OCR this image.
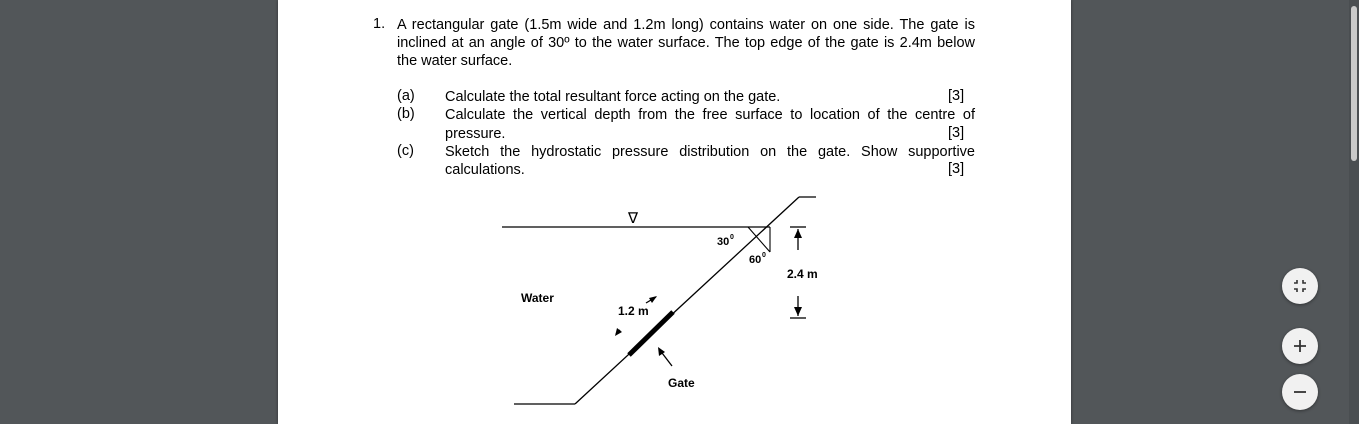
1. A rectangular gate (1.5m wide and 1.2m long) contains water on one side. The gate is inclined at an angle of 30º to the water surface. The top edge of the gate is 2.4m below the water surface.
(a) Calculate the total resultant force acting on the gate.	[3]
(b) Calculate the vertical depth from the free surface to location of the centre of
pressure.	[3]
(c) Sketch the hydrostatic pressure distribution on the gate. Show supportive
calculations.	[3]
∇
30 0
60 0
2.4 m
Water
1.2 m
Gate
